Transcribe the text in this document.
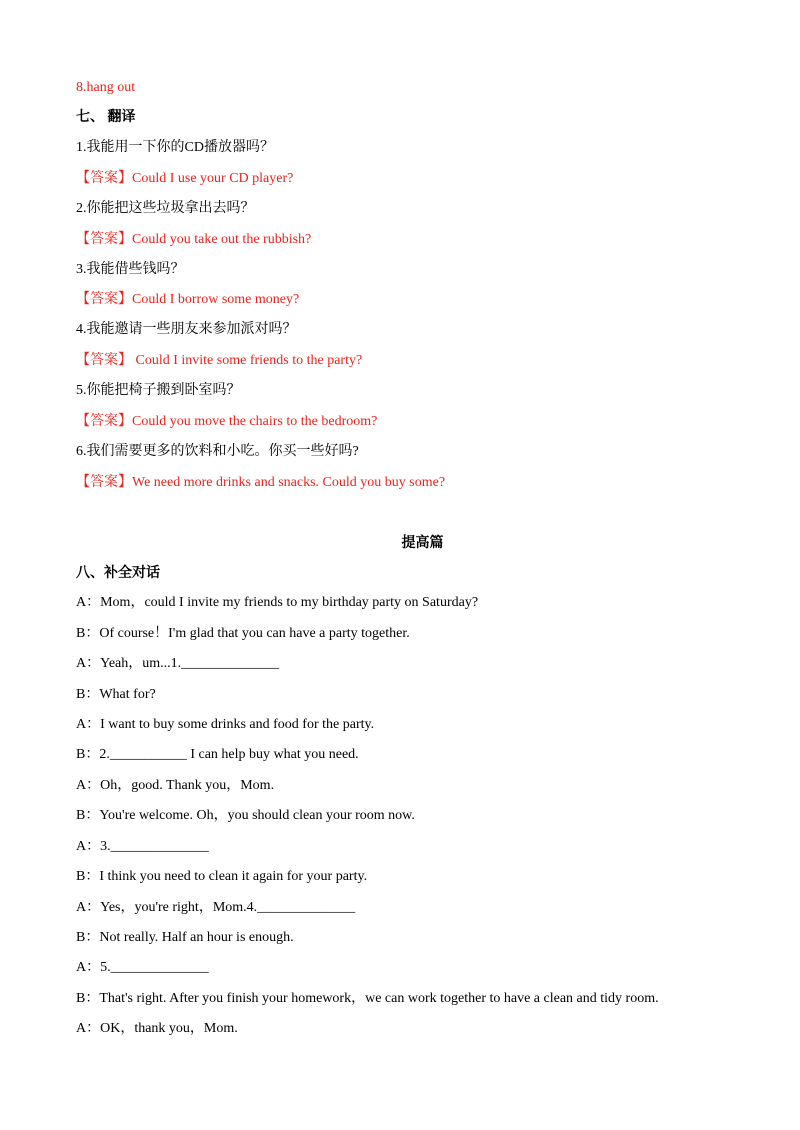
8.hang out
七、 翻译
1.我能用一下你的CD播放器吗？
【答案】Could I use your CD player?
2.你能把这些垃圾拿出去吗？
【答案】Could you take out the rubbish?
3.我能借些钱吗？
【答案】Could I borrow some money?
4.我能邀请一些朋友来参加派对吗？
【答案】 Could I invite some friends to the party?
5.你能把椅子搬到卧室吗？
【答案】Could you move the chairs to the bedroom?
6.我们需要更多的饮料和小吃。你买一些好吗?
【答案】We need more drinks and snacks. Could you buy some?
提高篇
八、补全对话
A：Mom，could I invite my friends to my birthday party on Saturday?
B：Of course！I'm glad that you can have a party together.
A：Yeah，um...1.______________
B：What for?
A：I want to buy some drinks and food for the party.
B：2.___________ I can help buy what you need.
A：Oh，good. Thank you，Mom.
B：You're welcome. Oh，you should clean your room now.
A：3.______________
B：I think you need to clean it again for your party.
A：Yes，you're right，Mom.4.______________
B：Not really. Half an hour is enough.
A：5.______________
B：That's right. After you finish your homework，we can work together to have a clean and tidy room.
A：OK，thank you，Mom.
